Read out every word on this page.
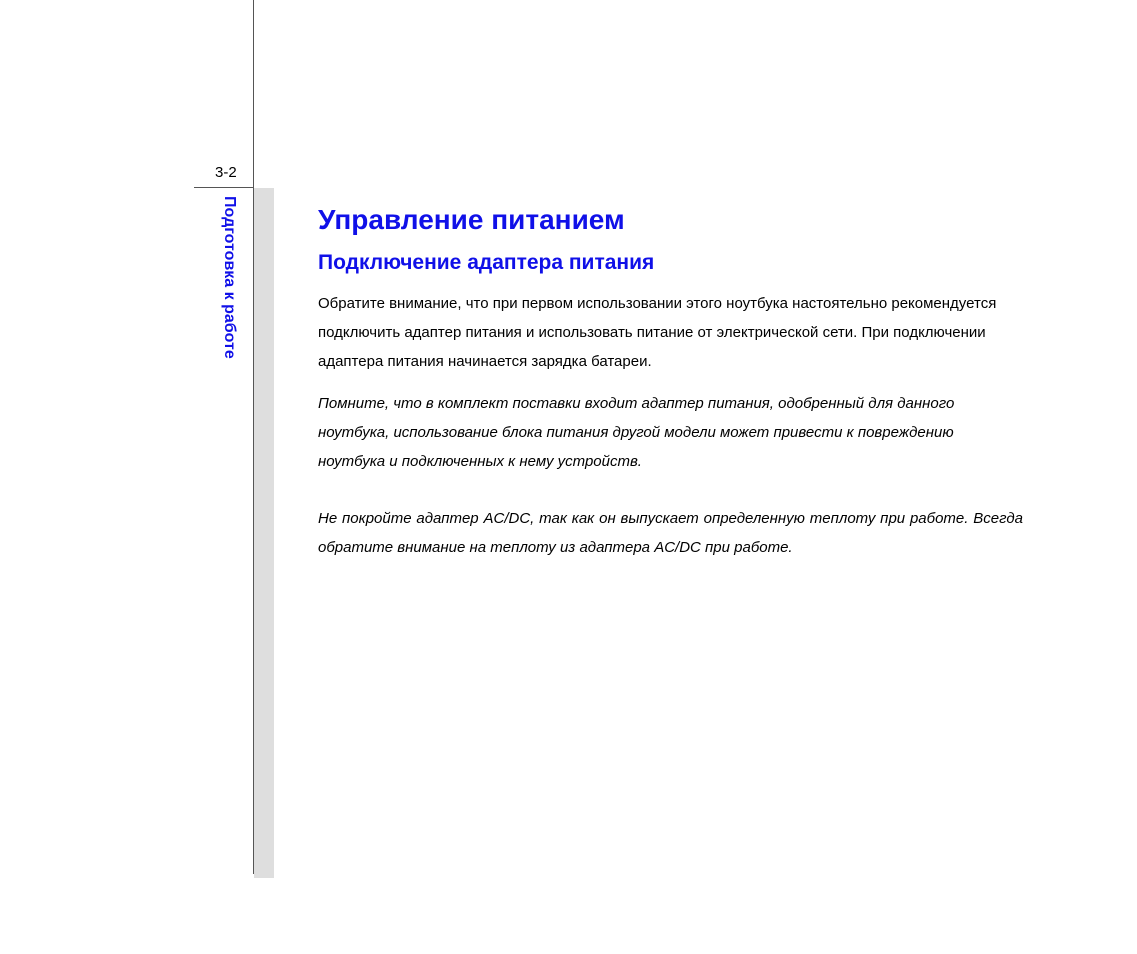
3-2
Подготовка к работе	Управление питанием
Подключение адаптера питания

Обратите внимание, что при первом использовании этого ноутбука настоятельно рекомендуется подключить адаптер питания и использовать питание от электрической сети. При подключении адаптера питания начинается зарядка батареи.

Помните, что в комплект поставки входит адаптер питания, одобренный для данного ноутбука, использование блока питания другой модели может привести к повреждению ноутбука и подключенных к нему устройств.

Не покройте адаптер AC/DC, так как он выпускает определенную теплоту при работе. Всегда обратите внимание на теплоту из адаптера AC/DC при работе.
